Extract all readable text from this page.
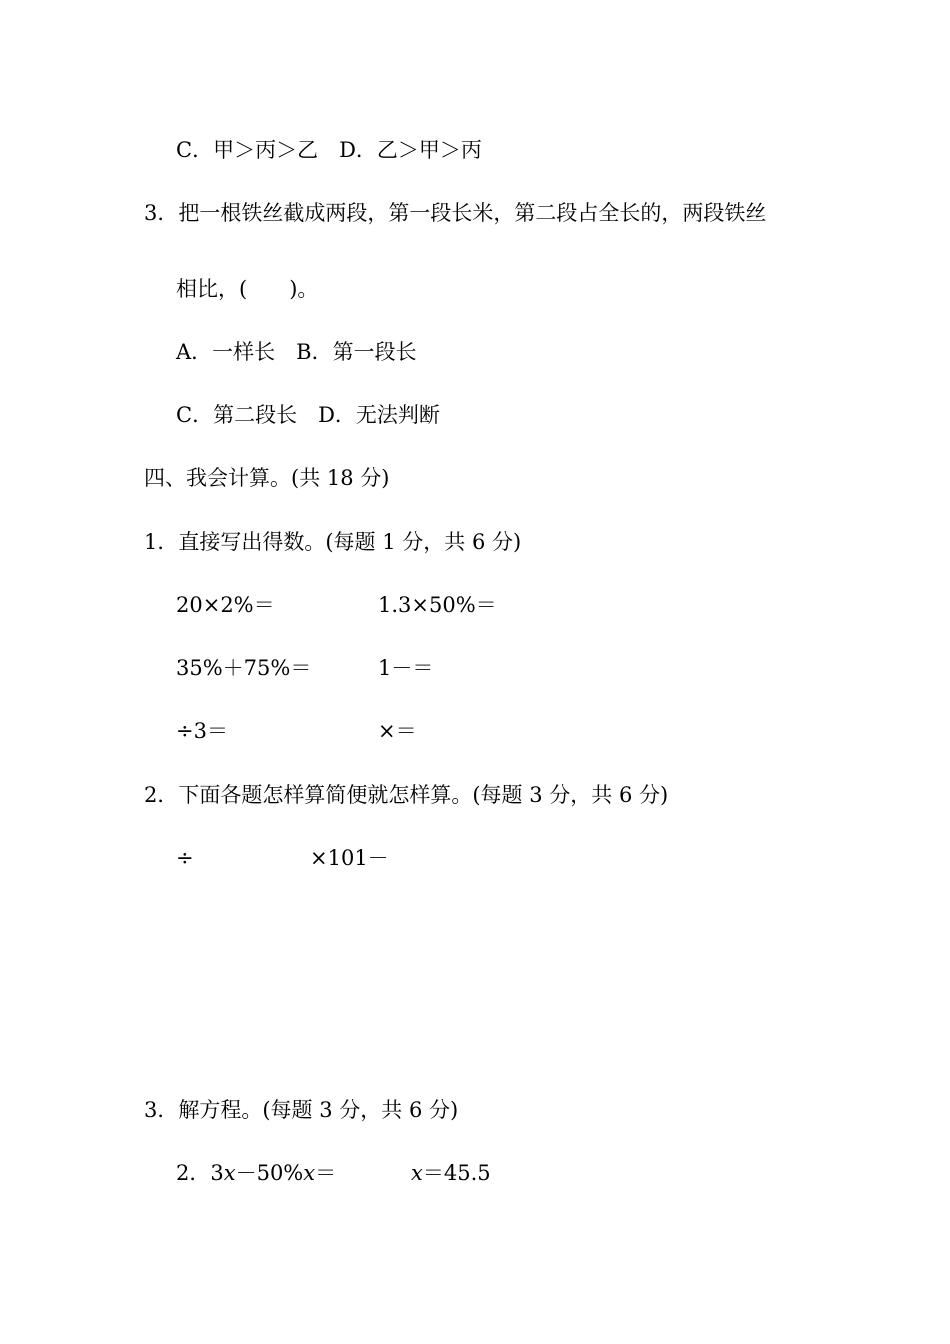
C．甲＞丙＞乙　D．乙＞甲＞丙
3．把一根铁丝截成两段，第一段长米，第二段占全长的，两段铁丝
相比，(　　)。
A．一样长　B．第一段长
C．第二段长　D．无法判断
四、我会计算。(共 18 分)
1．直接写出得数。(每题 1 分，共 6 分)
20×2%＝	1.3×50%＝
35%＋75%＝	1－＝
÷3＝	×＝
2．下面各题怎样算简便就怎样算。(每题 3 分，共 6 分)
÷	×101－
3．解方程。(每题 3 分，共 6 分)
2．3x－50%x＝	x＝45.5
